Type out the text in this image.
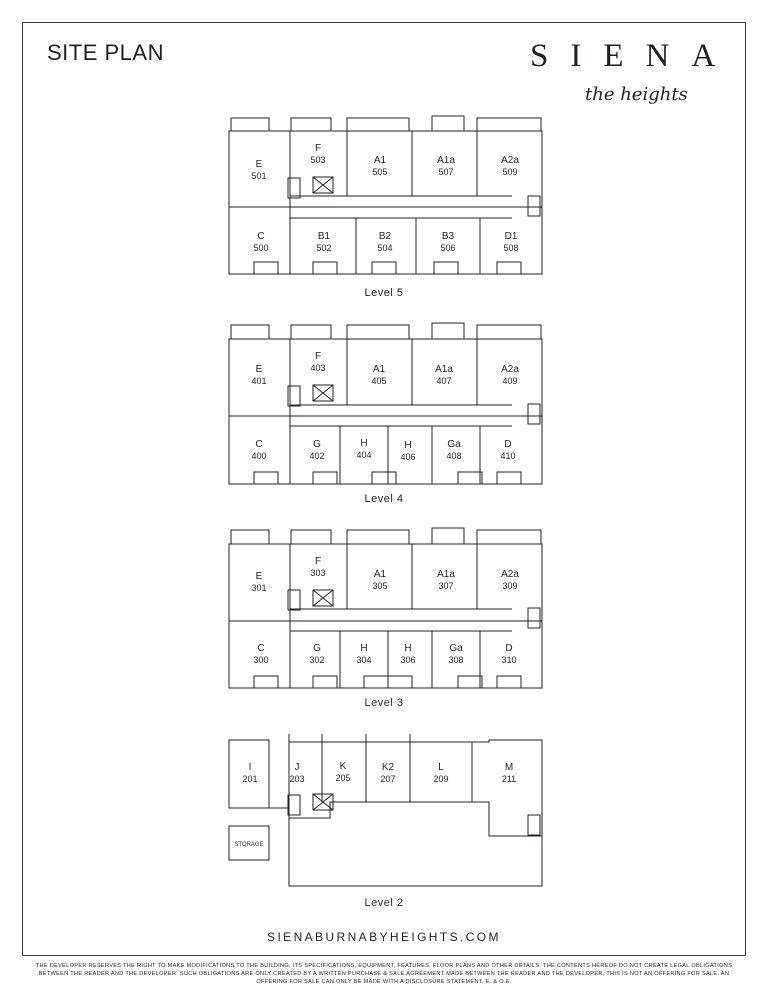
SITE PLAN	SIENA
the heights
E
501
F
503	A1
505
A1a
507
A2a
509
C
500
B1
502
B2
504
B3
506
D1
508
Level 5
E
401
F
403	A1
405
A1a
407
A2a
409
C
400
G
402
H
404
H
406
Ga
408
D
410
Level 4
E
301
F
303	A1
305
A1a
307
A2a
309
C
300
G
302
H
304
H
306
Ga
308
D
310
Level 3
I
201
J
203
K
205
K2
207
L
209
M
211
STORAGE
Level 2
SIENABURNABYHEIGHTS.COM
THE DEVELOPER RESERVES THE RIGHT TO MAKE MODIFICATIONS TO THE BUILDING, ITS SPECIFICATIONS, EQUIPMENT, FEATURES, FLOOR PLANS AND OTHER DETAILS. THE CONTENTS HEREOF DO NOT CREATE LEGAL OBLIGATIONS BETWEEN THE READER AND THE DEVELOPER. SUCH OBLIGATIONS ARE ONLY CREATED BY A WRITTEN PURCHASE & SALE AGREEMENT MADE BETWEEN THE READER AND THE DEVELOPER. THIS IS NOT AN OFFERING FOR SALE. AN OFFERING FOR SALE CAN ONLY BE MADE WITH A DISCLOSURE STATEMENT. E. & O.E.
